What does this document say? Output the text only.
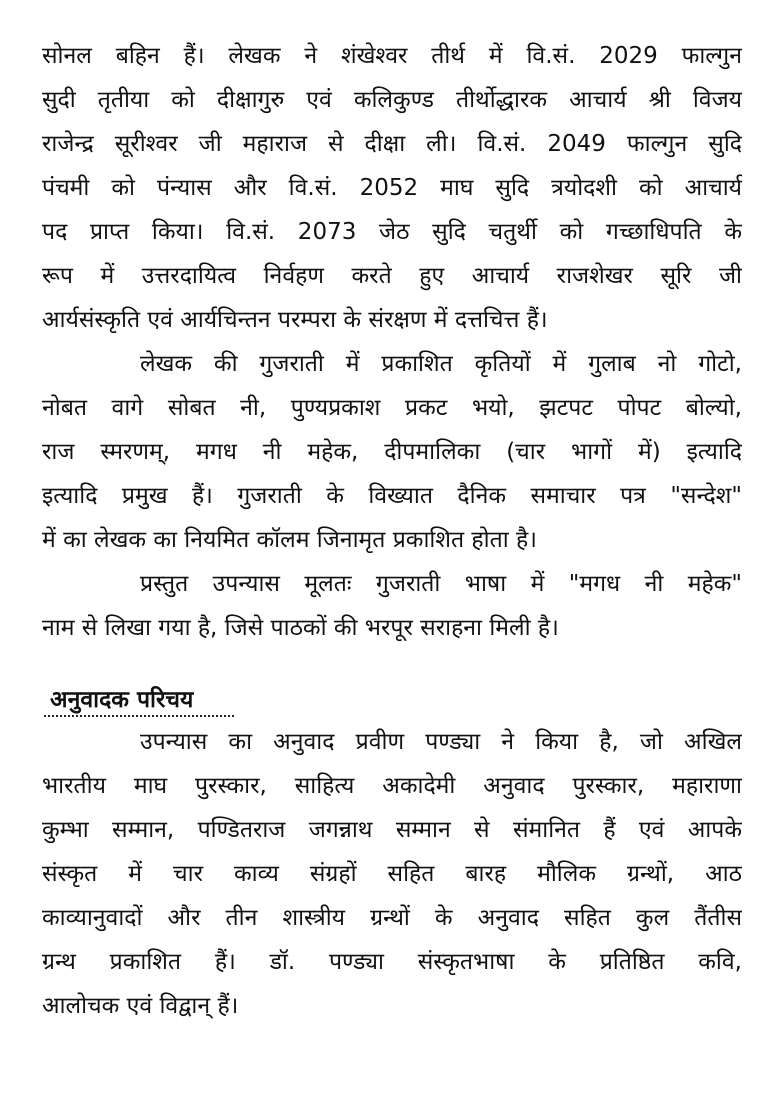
सोनल बहिन हैं। लेखक ने शंखेश्वर तीर्थ में वि.सं. 2029 फाल्गुन
सुदी तृतीया को दीक्षागुरु एवं कलिकुण्ड तीर्थोद्धारक आचार्य श्री विजय
राजेन्द्र सूरीश्वर जी महाराज से दीक्षा ली। वि.सं. 2049 फाल्गुन सुदि
पंचमी को पंन्यास और वि.सं. 2052 माघ सुदि त्रयोदशी को आचार्य
पद प्राप्त किया। वि.सं. 2073 जेठ सुदि चतुर्थी को गच्छाधिपति के
रूप में उत्तरदायित्व निर्वहण करते हुए आचार्य राजशेखर सूरि जी
आर्यसंस्कृति एवं आर्यचिन्तन परम्परा के संरक्षण में दत्तचित्त हैं।
लेखक की गुजराती में प्रकाशित कृतियों में गुलाब नो गोटो,
नोबत वागे सोबत नी, पुण्यप्रकाश प्रकट भयो, झटपट पोपट बोल्यो,
राज स्मरणम्, मगध नी महेक, दीपमालिका (चार भागों में) इत्यादि
इत्यादि प्रमुख हैं। गुजराती के विख्यात दैनिक समाचार पत्र "सन्देश"
में का लेखक का नियमित कॉलम जिनामृत प्रकाशित होता है।
प्रस्तुत उपन्यास मूलतः गुजराती भाषा में "मगध नी महेक"
नाम से लिखा गया है, जिसे पाठकों की भरपूर सराहना मिली है।
अनुवादक परिचय
उपन्यास का अनुवाद प्रवीण पण्ड्या ने किया है, जो अखिल
भारतीय माघ पुरस्कार, साहित्य अकादेमी अनुवाद पुरस्कार, महाराणा
कुम्भा सम्मान, पण्डितराज जगन्नाथ सम्मान से संमानित हैं एवं आपके
संस्कृत में चार काव्य संग्रहों सहित बारह मौलिक ग्रन्थों, आठ
काव्यानुवादों और तीन शास्त्रीय ग्रन्थों के अनुवाद सहित कुल तैंतीस
ग्रन्थ प्रकाशित हैं। डॉ. पण्ड्या संस्कृतभाषा के प्रतिष्ठित कवि,
आलोचक एवं विद्वान् हैं।
